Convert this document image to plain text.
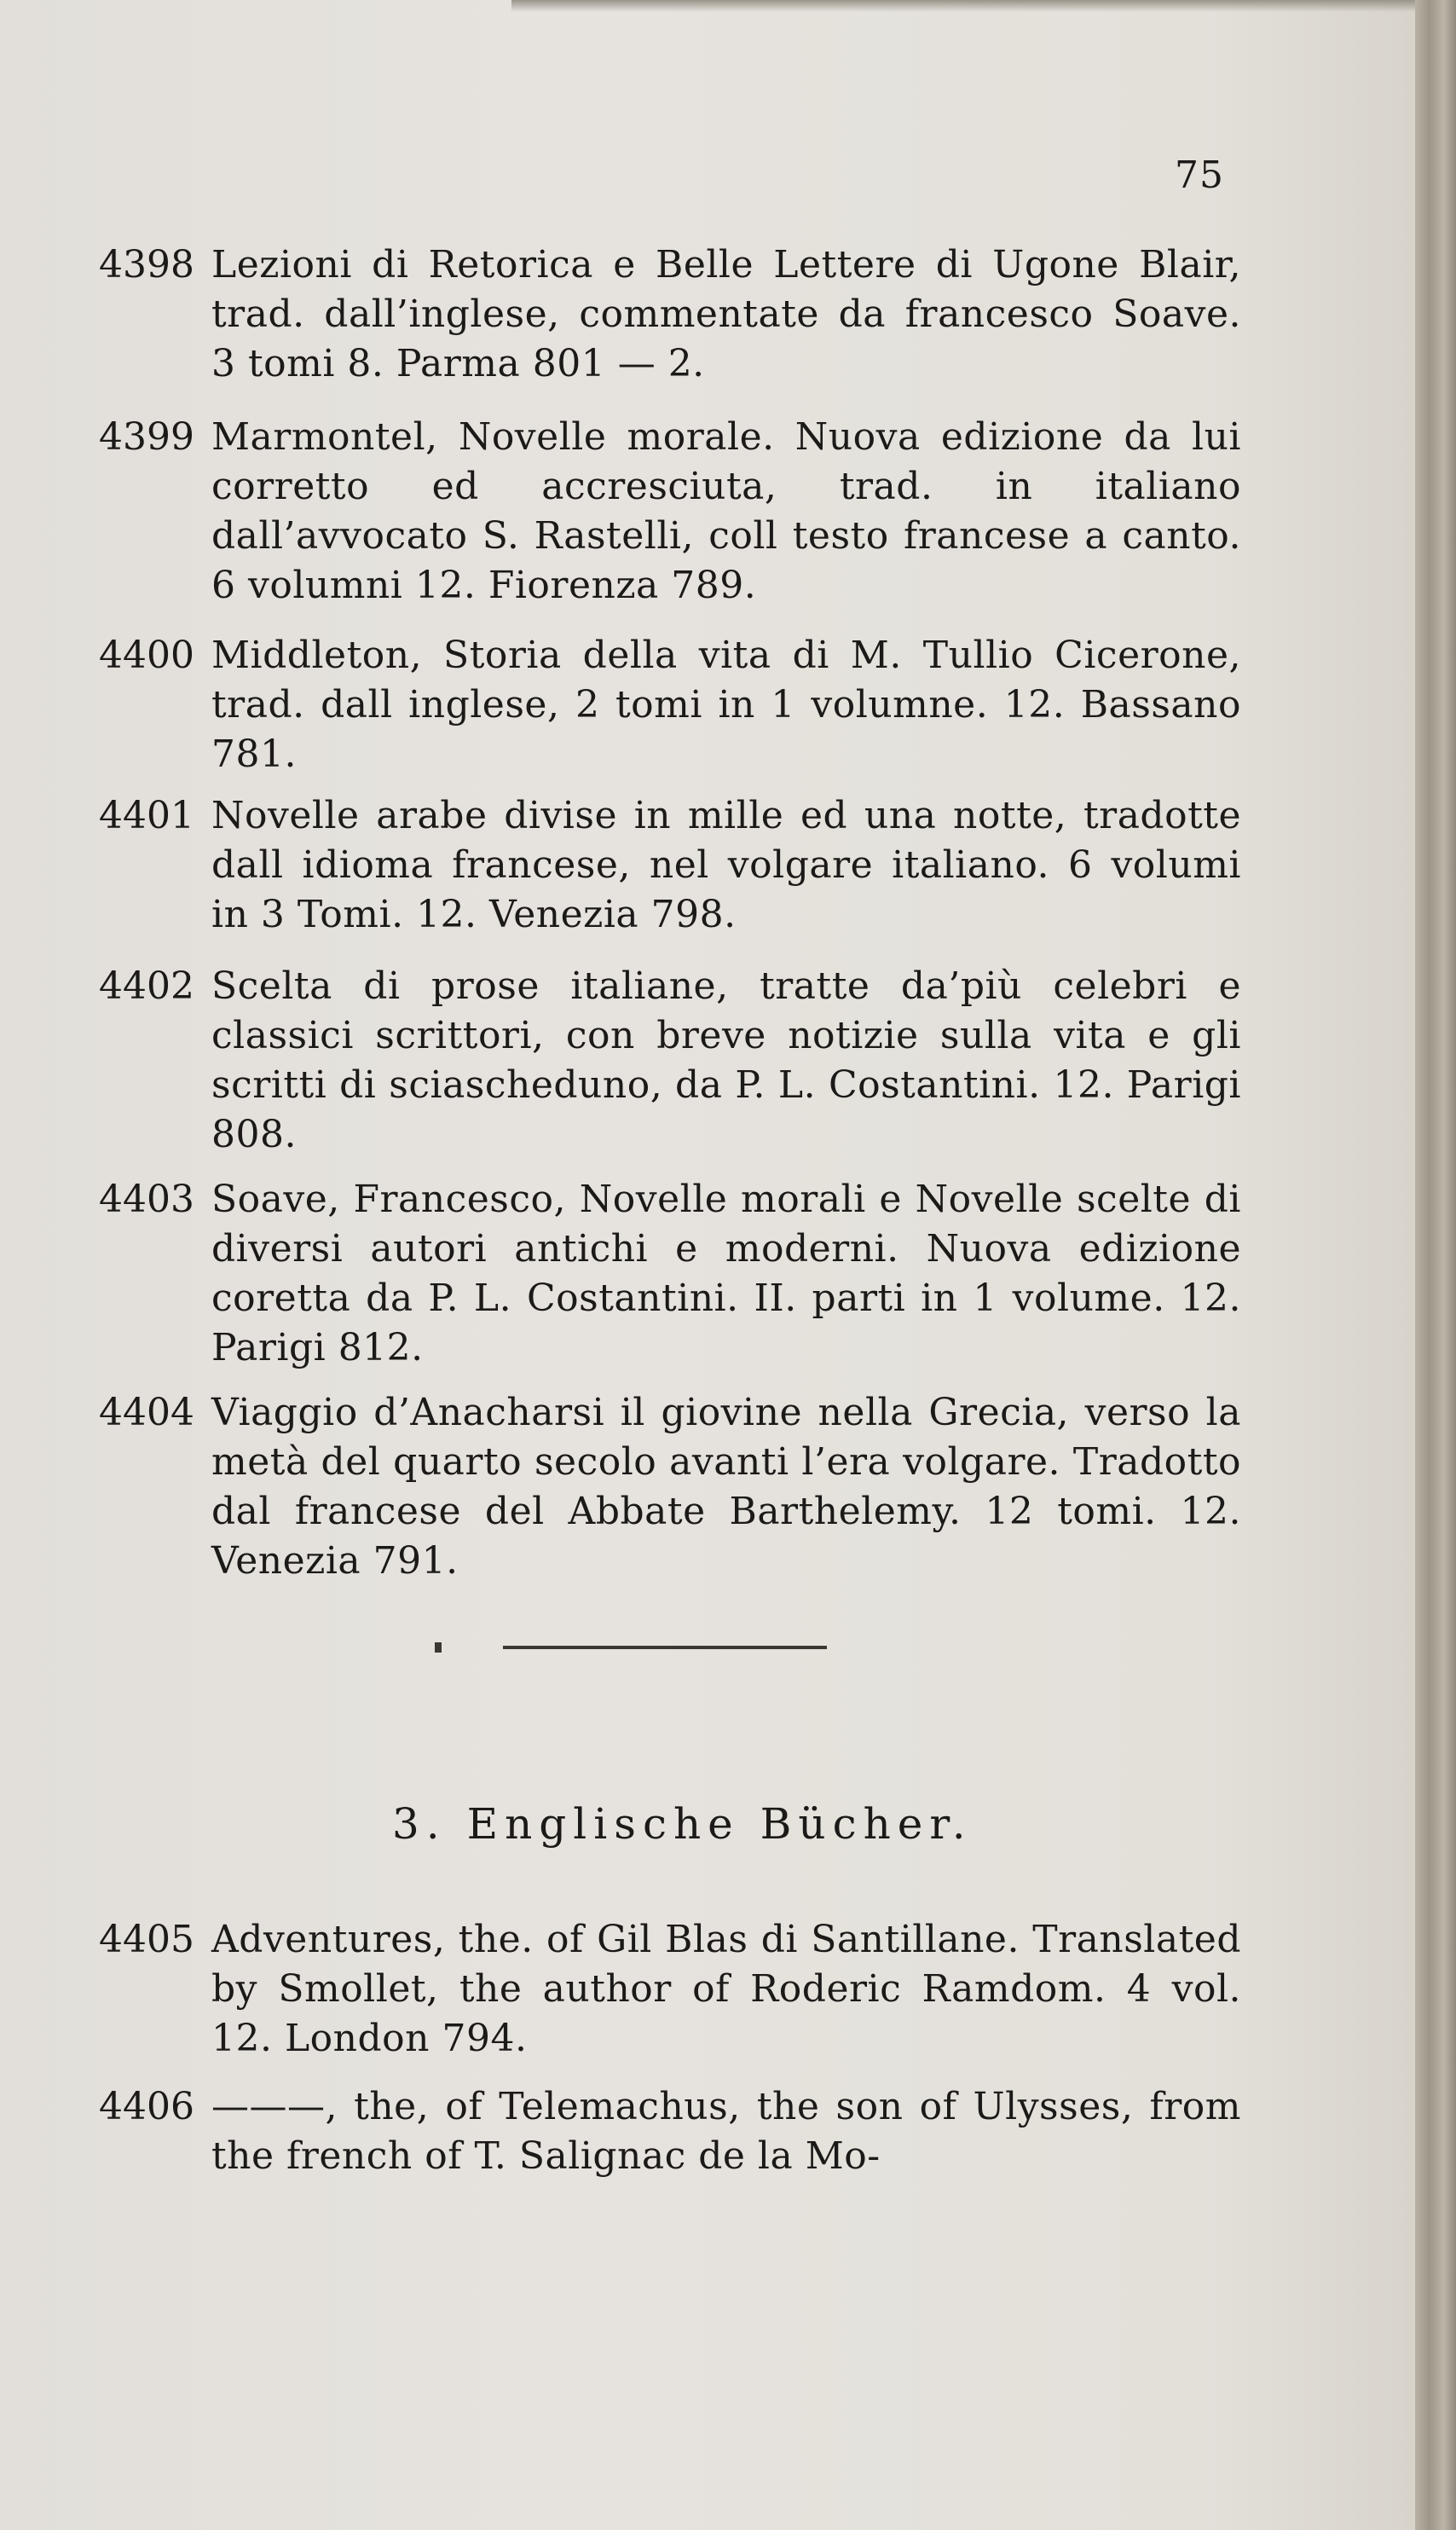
75
4398 Lezioni di Retorica e Belle Lettere di Ugone Blair, trad. dall’inglese, commentate da francesco Soave. 3 tomi 8. Parma 801 — 2.
4399 Marmontel, Novelle morale. Nuova edizione da lui corretto ed accresciuta, trad. in italiano dall’avvocato S. Rastelli, coll testo francese a canto. 6 volumni 12. Fiorenza 789.
4400 Middleton, Storia della vita di M. Tullio Cicerone, trad. dall inglese, 2 tomi in 1 volumne. 12. Bassano 781.
4401 Novelle arabe divise in mille ed una notte, tradotte dall idioma francese, nel volgare italiano. 6 volumi in 3 Tomi. 12. Venezia 798.
4402 Scelta di prose italiane, tratte da’più celebri e classici scrittori, con breve notizie sulla vita e gli scritti di sciascheduno, da P. L. Costantini. 12. Parigi 808.
4403 Soave, Francesco, Novelle morali e Novelle scelte di diversi autori antichi e moderni. Nuova edizione coretta da P. L. Costantini. II. parti in 1 volume. 12. Parigi 812.
4404 Viaggio d’Anacharsi il giovine nella Grecia, verso la metà del quarto secolo avanti l’era volgare. Tradotto dal francese del Abbate Barthelemy. 12 tomi. 12. Venezia 791.
3. Englische Bücher.
4405 Adventures, the. of Gil Blas di Santillane. Translated by Smollet, the author of Roderic Ramdom. 4 vol. 12. London 794.
4406 ———, the, of Telemachus, the son of Ulysses, from the french of T. Salignac de la Mo-
